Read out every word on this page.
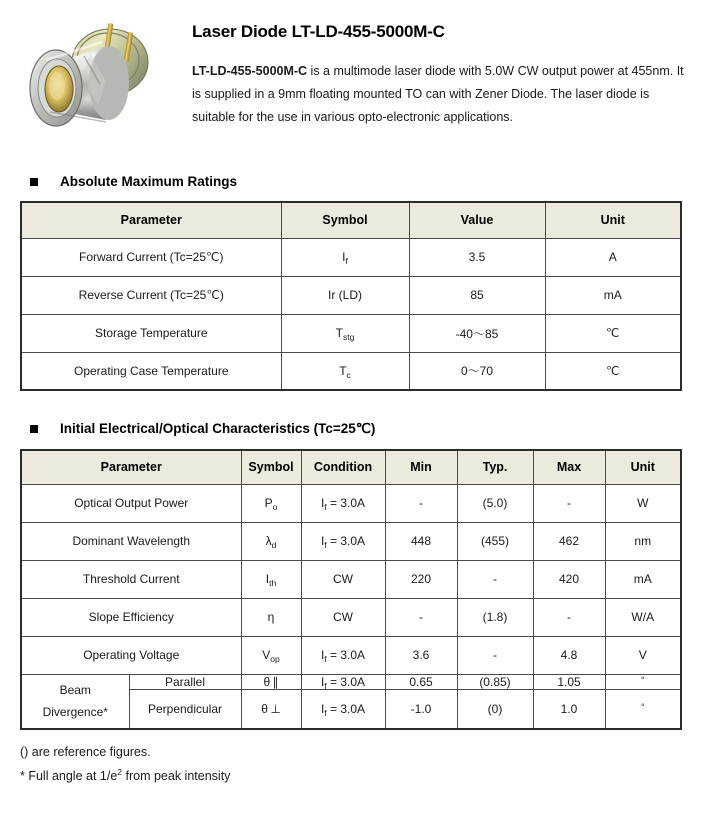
Laser Diode LT-LD-455-5000M-C

LT-LD-455-5000M-C is a multimode laser diode with 5.0W CW output power at 455nm. It is supplied in a 9mm floating mounted TO can with Zener Diode. The laser diode is suitable for the use in various opto-electronic applications.

Absolute Maximum Ratings
Parameter	Symbol	Value	Unit
Forward Current (Tc=25℃)	$I_f$	3.5	A
Reverse Current (Tc=25℃)	Ir (LD)	85	mA
Storage Temperature	$T_{stg}$	-40～85	℃
Operating Case Temperature	$T_c$	0～70	℃
Initial Electrical/Optical Characteristics (Tc=25℃)
Parameter		Symbol	Condition	Min	Typ.	Max	Unit
Optical Output Power		$P_o$	$I_f = 3.0A$	-	(5.0)	-	W
Dominant Wavelength		$\lambda_d$	$I_f = 3.0A$	448	(455)	462	nm
Threshold Current		$I_{th}$	CW	220	-	420	mA
Slope Efficiency		η	CW	-	(1.8)	-	W/A
Operating Voltage		$V_{op}$	$I_f = 3.0A$	3.6	-	4.8	V
Beam
Divergence*	Parallel	θ  ∥	$I_f = 3.0A$	0.65	(0.85)	1.05	°
	Perpendicular	θ  ⊥	$I_f = 3.0A$	-1.0	(0)	1.0	°
() are reference figures.
* Full angle at $1/e^2$ from peak intensity
